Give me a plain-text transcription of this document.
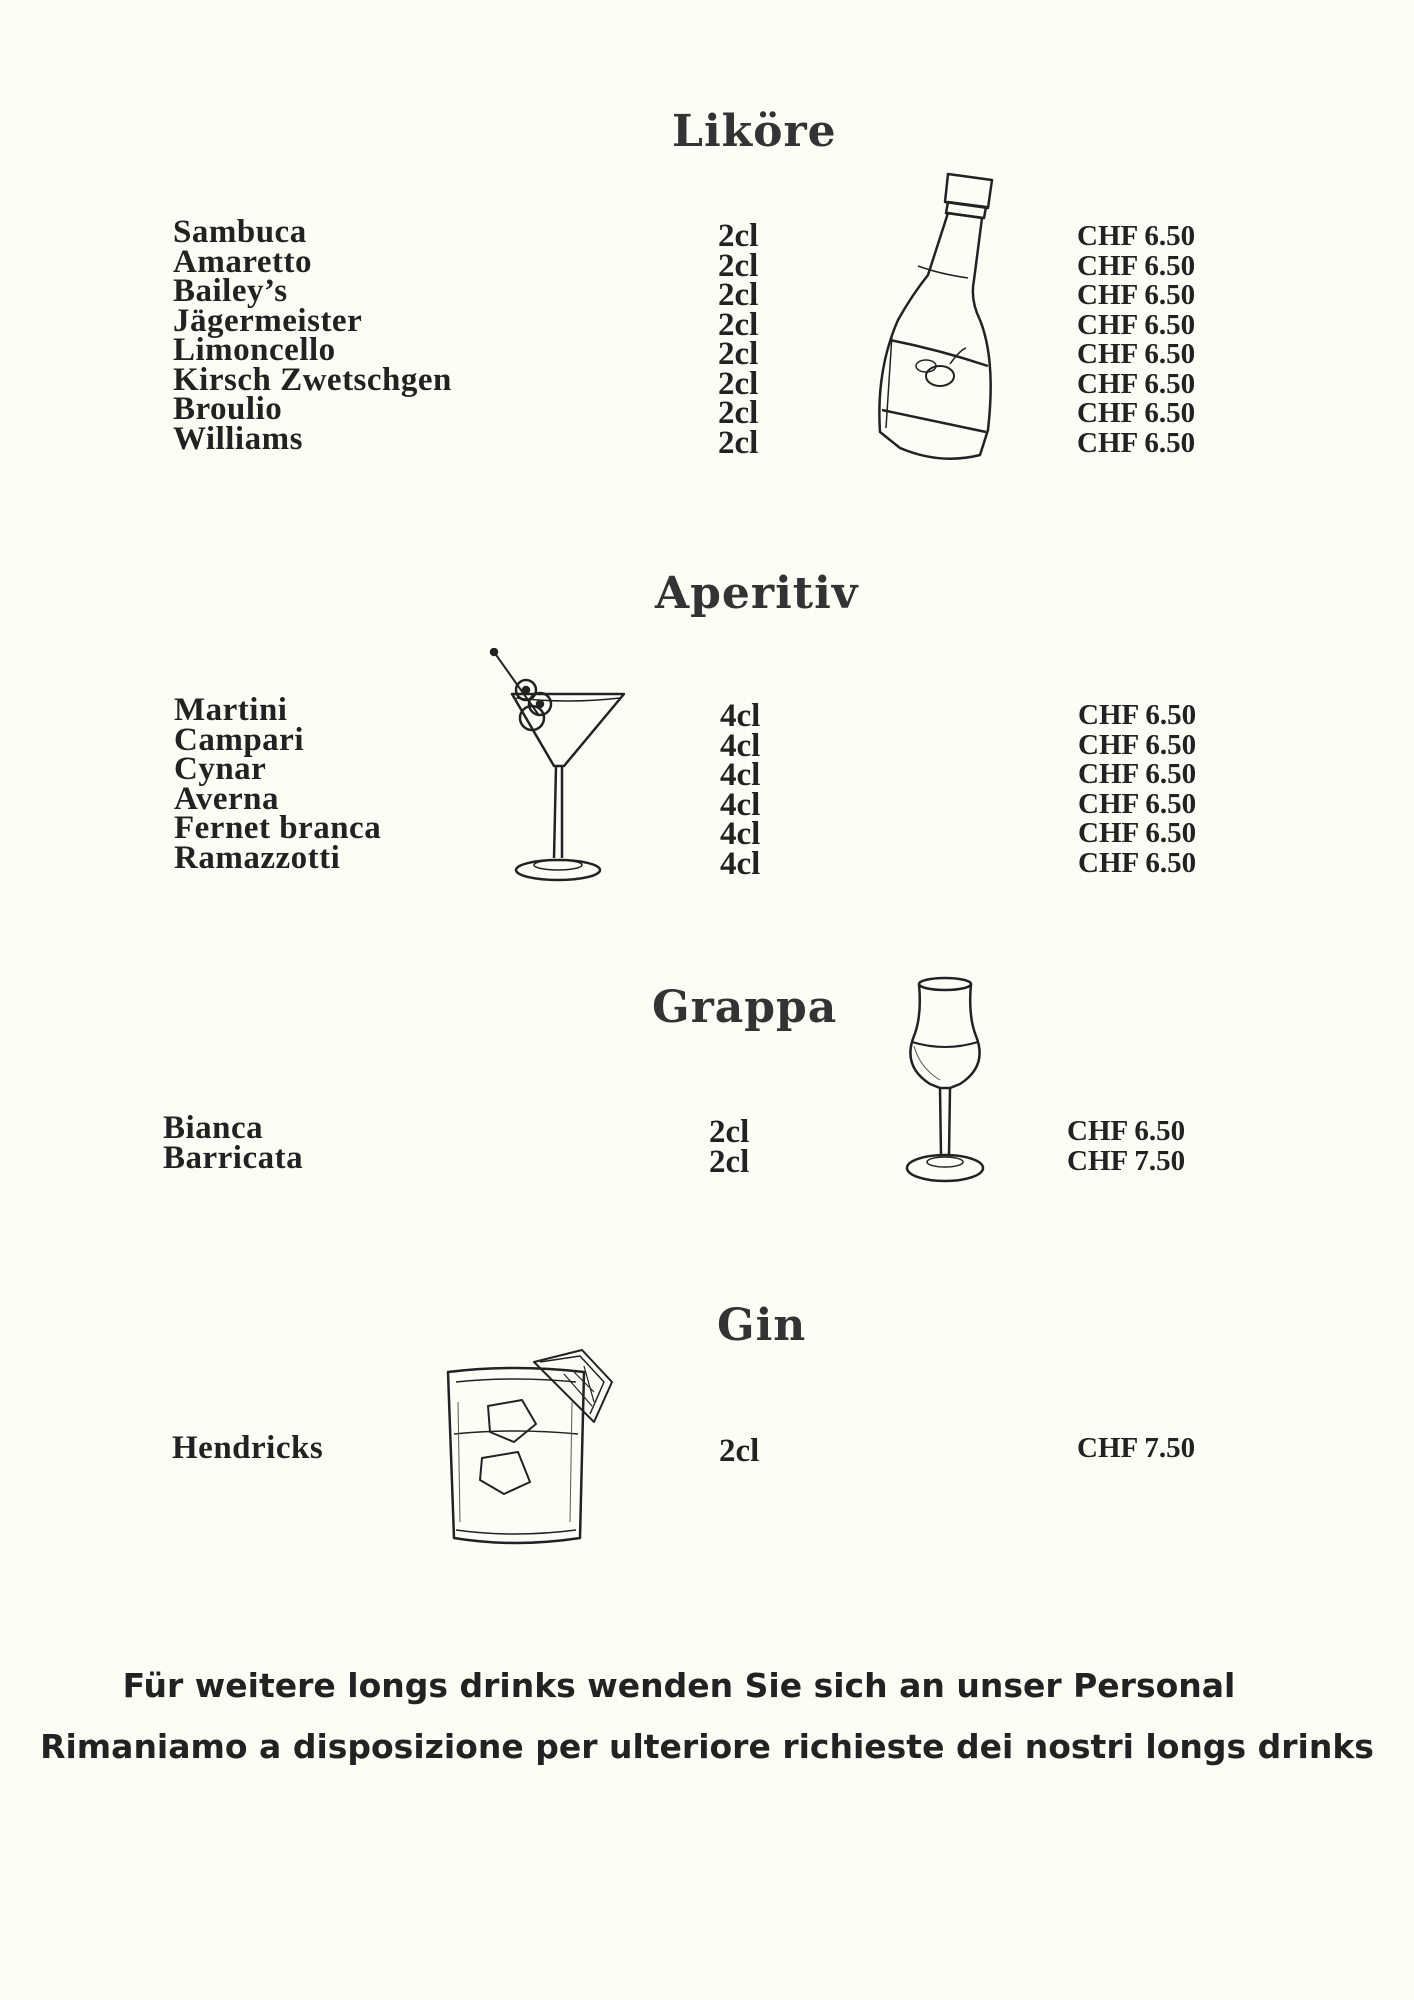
Liköre
Sambuca
Amaretto
Bailey’s
Jägermeister
Limoncello
Kirsch Zwetschgen
Broulio
Williams
2cl
2cl
2cl
2cl
2cl
2cl
2cl
2cl
CHF 6.50
CHF 6.50
CHF 6.50
CHF 6.50
CHF 6.50
CHF 6.50
CHF 6.50
CHF 6.50
Aperitiv
Martini
Campari
Cynar
Averna
Fernet branca
Ramazzotti
4cl
4cl
4cl
4cl
4cl
4cl
CHF 6.50
CHF 6.50
CHF 6.50
CHF 6.50
CHF 6.50
CHF 6.50
Grappa
Bianca
Barricata
2cl
2cl
CHF 6.50
CHF 7.50
Gin
Hendricks	2cl	CHF 7.50

Für weitere longs drinks wenden Sie sich an unser Personal

Rimaniamo a disposizione per ulteriore richieste dei nostri longs drinks
